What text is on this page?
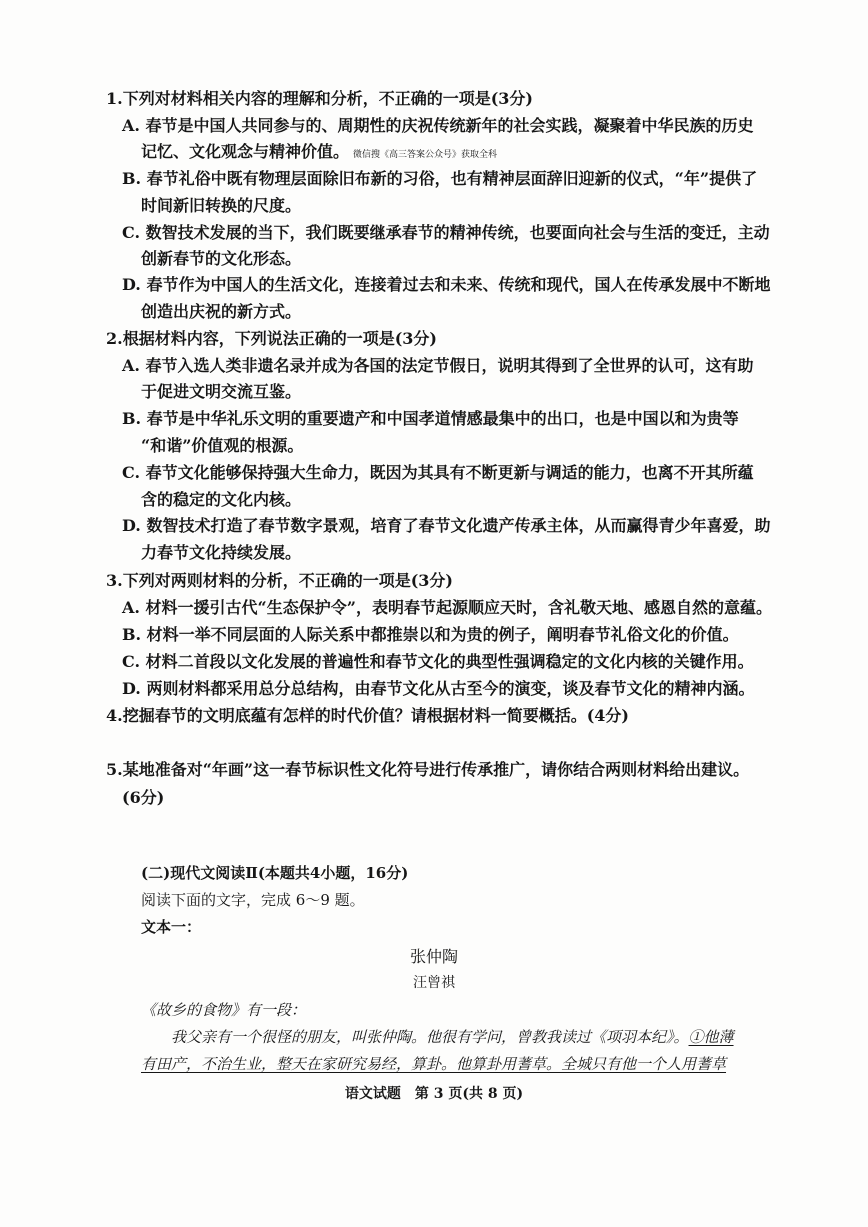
1.下列对材料相关内容的理解和分析，不正确的一项是(3分)
A. 春节是中国人共同参与的、周期性的庆祝传统新年的社会实践，凝聚着中华民族的历史
记忆、文化观念与精神价值。 微信搜《高三答案公众号》获取全科
B. 春节礼俗中既有物理层面除旧布新的习俗，也有精神层面辞旧迎新的仪式，“年”提供了
时间新旧转换的尺度。
C. 数智技术发展的当下，我们既要继承春节的精神传统，也要面向社会与生活的变迁，主动
创新春节的文化形态。
D. 春节作为中国人的生活文化，连接着过去和未来、传统和现代，国人在传承发展中不断地
创造出庆祝的新方式。
2.根据材料内容，下列说法正确的一项是(3分)
A. 春节入选人类非遗名录并成为各国的法定节假日，说明其得到了全世界的认可，这有助
于促进文明交流互鉴。
B. 春节是中华礼乐文明的重要遗产和中国孝道情感最集中的出口，也是中国以和为贵等
“和谐”价值观的根源。
C. 春节文化能够保持强大生命力，既因为其具有不断更新与调适的能力，也离不开其所蕴
含的稳定的文化内核。
D. 数智技术打造了春节数字景观，培育了春节文化遗产传承主体，从而赢得青少年喜爱，助
力春节文化持续发展。
3.下列对两则材料的分析，不正确的一项是(3分)
A. 材料一援引古代“生态保护令”，表明春节起源顺应天时，含礼敬天地、感恩自然的意蕴。
B. 材料一举不同层面的人际关系中都推崇以和为贵的例子，阐明春节礼俗文化的价值。
C. 材料二首段以文化发展的普遍性和春节文化的典型性强调稳定的文化内核的关键作用。
D. 两则材料都采用总分总结构，由春节文化从古至今的演变，谈及春节文化的精神内涵。
4.挖掘春节的文明底蕴有怎样的时代价值？请根据材料一简要概括。(4分)
5.某地准备对“年画”这一春节标识性文化符号进行传承推广，请你结合两则材料给出建议。
(6分)
(二)现代文阅读Ⅱ(本题共4小题，16分)
阅读下面的文字，完成 6～9 题。
文本一：
张仲陶
汪曾祺
《故乡的食物》有一段：
我父亲有一个很怪的朋友，叫张仲陶。他很有学问，曾教我读过《项羽本纪》。①他薄
有田产，不治生业，整天在家研究易经，算卦。他算卦用蓍草。全城只有他一个人用蓍草
语文试题　第 3 页(共 8 页)
